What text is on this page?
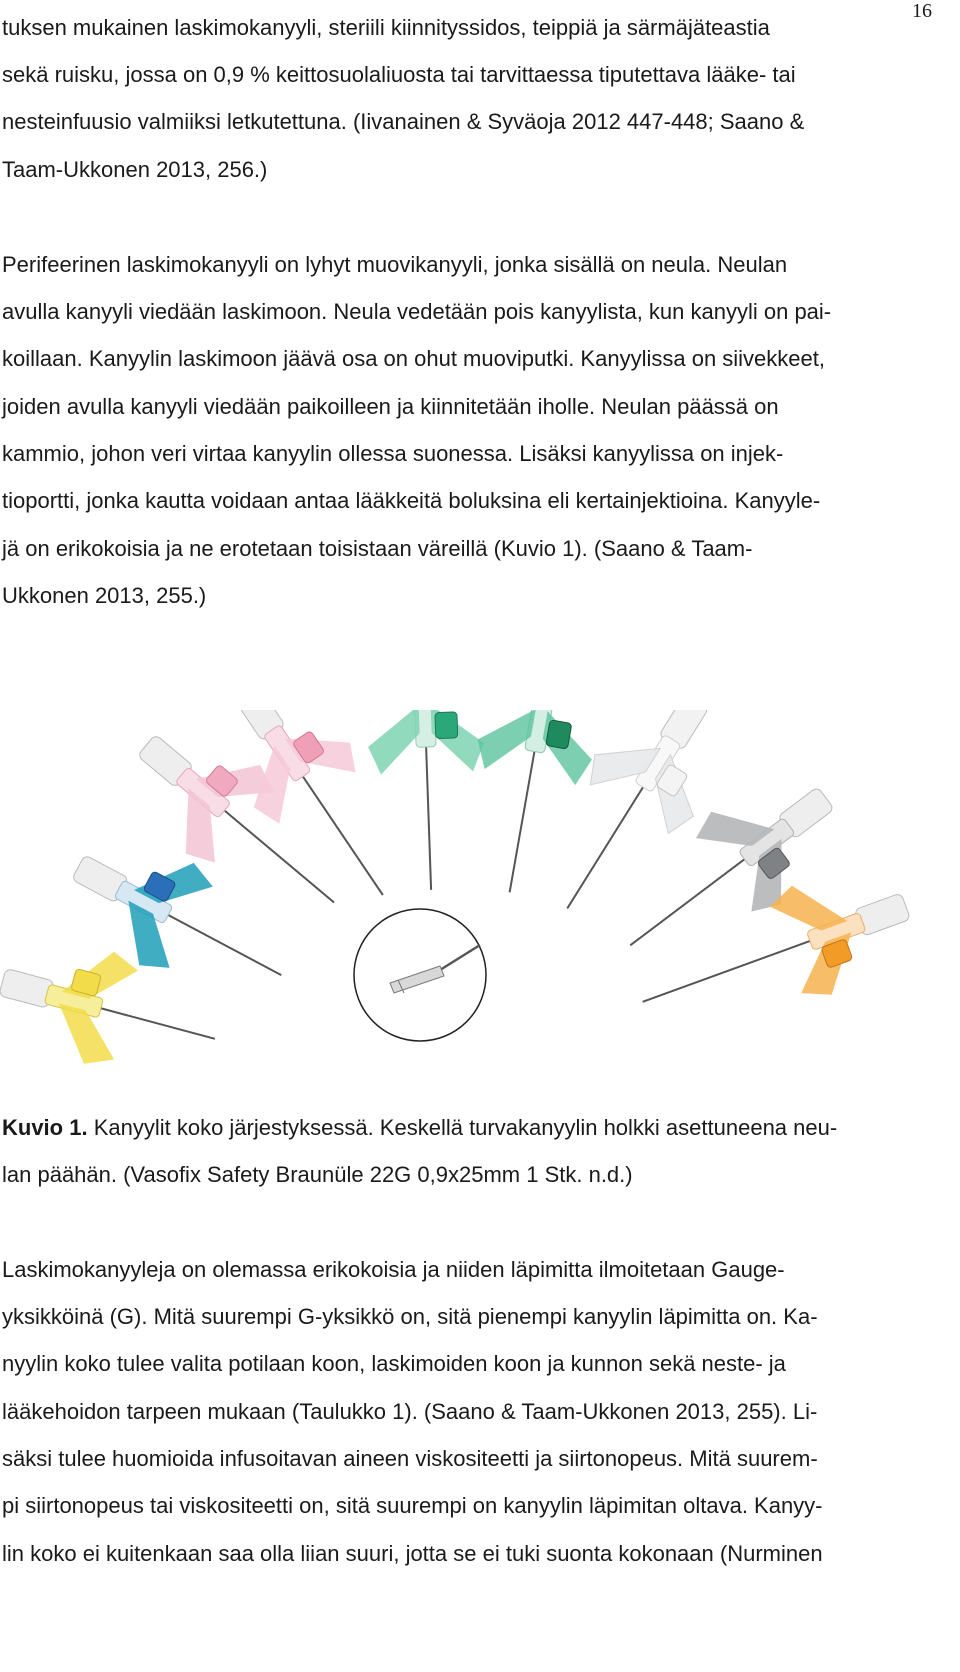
16
tuksen mukainen laskimokanyyli, steriili kiinnityssidos, teippiä ja särmäjäteastia
sekä ruisku, jossa on 0,9 % keittosuolaliuosta tai tarvittaessa tiputettava lääke- tai
nesteinfuusio valmiiksi letkutettuna. (Iivanainen & Syväoja 2012 447-448; Saano &
Taam-Ukkonen 2013, 256.)
Perifeerinen laskimokanyyli on lyhyt muovikanyyli, jonka sisällä on neula. Neulan
avulla kanyyli viedään laskimoon. Neula vedetään pois kanyylista, kun kanyyli on pai-
koillaan. Kanyylin laskimoon jäävä osa on ohut muoviputki. Kanyylissa on siivekkeet,
joiden avulla kanyyli viedään paikoilleen ja kiinnitetään iholle. Neulan päässä on
kammio, johon veri virtaa kanyylin ollessa suonessa. Lisäksi kanyylissa on injek-
tioportti, jonka kautta voidaan antaa lääkkeitä boluksina eli kertainjektioina. Kanyyle-
jä on erikokoisia ja ne erotetaan toisistaan väreillä (Kuvio 1). (Saano & Taam-
Ukkonen 2013, 255.)
Kuvio 1. Kanyylit koko järjestyksessä. Keskellä turvakanyylin holkki asettuneena neu-
lan päähän. (Vasofix Safety Braunüle 22G 0,9x25mm 1 Stk. n.d.)
Laskimokanyyleja on olemassa erikokoisia ja niiden läpimitta ilmoitetaan Gauge-
yksikköinä (G). Mitä suurempi G-yksikkö on, sitä pienempi kanyylin läpimitta on. Ka-
nyylin koko tulee valita potilaan koon, laskimoiden koon ja kunnon sekä neste- ja
lääkehoidon tarpeen mukaan (Taulukko 1). (Saano & Taam-Ukkonen 2013, 255). Li-
säksi tulee huomioida infusoitavan aineen viskositeetti ja siirtonopeus. Mitä suurem-
pi siirtonopeus tai viskositeetti on, sitä suurempi on kanyylin läpimitan oltava. Kanyy-
lin koko ei kuitenkaan saa olla liian suuri, jotta se ei tuki suonta kokonaan (Nurminen
